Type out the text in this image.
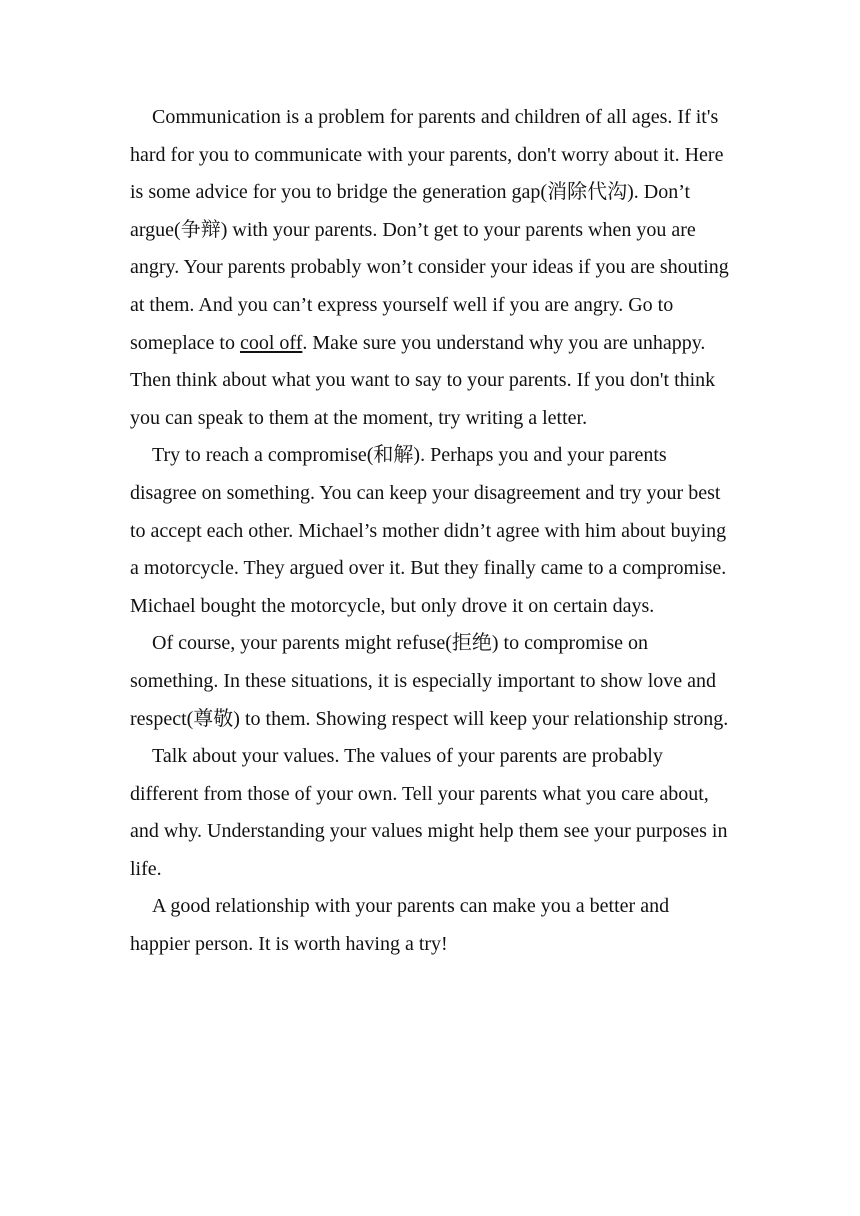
Communication is a problem for parents and children of all ages. If it's hard for you to communicate with your parents, don't worry about it. Here is some advice for you to bridge the generation gap(消除代沟). Don’t argue(争辩) with your parents. Don’t get to your parents when you are angry. Your parents probably won’t consider your ideas if you are shouting at them. And you can’t express yourself well if you are angry. Go to someplace to cool off. Make sure you understand why you are unhappy. Then think about what you want to say to your parents. If you don't think you can speak to them at the moment, try writing a letter.

Try to reach a compromise(和解). Perhaps you and your parents disagree on something. You can keep your disagreement and try your best to accept each other. Michael’s mother didn’t agree with him about buying a motorcycle. They argued over it. But they finally came to a compromise. Michael bought the motorcycle, but only drove it on certain days.

Of course, your parents might refuse(拒绝) to compromise on something. In these situations, it is especially important to show love and respect(尊敬) to them. Showing respect will keep your relationship strong.

Talk about your values. The values of your parents are probably different from those of your own. Tell your parents what you care about, and why. Understanding your values might help them see your purposes in life.

A good relationship with your parents can make you a better and happier person. It is worth having a try!
